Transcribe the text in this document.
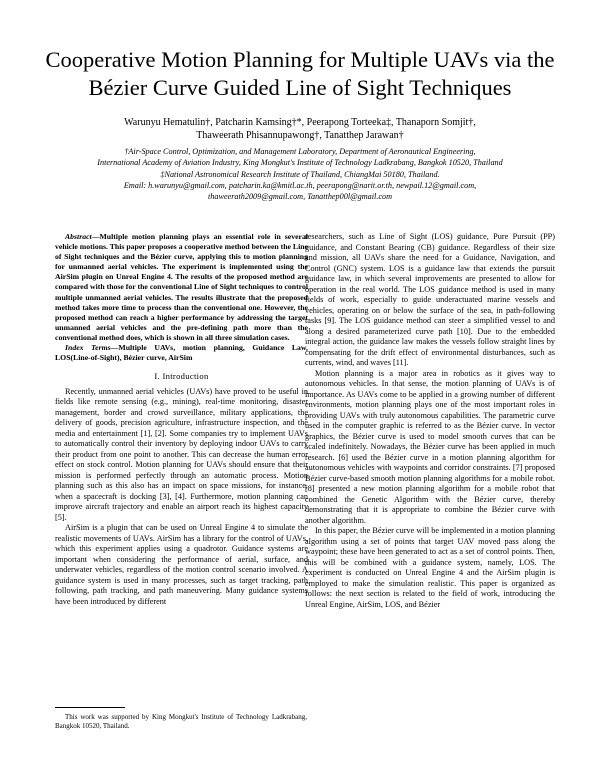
Cooperative Motion Planning for Multiple UAVs via the Bézier Curve Guided Line of Sight Techniques
Warunyu Hematulin†, Patcharin Kamsing†*, Peerapong Torteeka‡, Thanaporn Somjit†,
Thaweerath Phisannupawong†, Tanatthep Jarawan†
†Air-Space Control, Optimization, and Management Laboratory, Department of Aeronautical Engineering,
International Academy of Aviation Industry, King Mongkut's Institute of Technology Ladkrabang, Bangkok 10520, Thailand
‡National Astronomical Research Institute of Thailand, ChiangMai 50180, Thailand.
Email: h.warunyu@gmail.com, patcharin.ka@kmitl.ac.th, peerapong@narit.or.th, newpail.12@gmail.com,
thaweerath2009@gmail.com, Tanatthep00l@gmail.com

Abstract—Multiple motion planning plays an essential role in several vehicle motions. This paper proposes a cooperative method between the Line of Sight techniques and the Bézier curve, applying this to motion planning for unmanned aerial vehicles. The experiment is implemented using the AirSim plugin on Unreal Engine 4. The results of the proposed method are compared with those for the conventional Line of Sight techniques to control multiple unmanned aerial vehicles. The results illustrate that the proposed method takes more time to process than the conventional one. However, the proposed method can reach a higher performance by addressing the target unmanned aerial vehicles and the pre-defining path more than the conventional method does, which is shown in all three simulation cases.

Index Terms—Multiple UAVs, motion planning, Guidance Law, LOS(Line-of-Sight), Bézier curve, AirSim

I. Introduction

Recently, unmanned aerial vehicles (UAVs) have proved to be useful in fields like remote sensing (e.g., mining), real-time monitoring, disaster management, border and crowd surveillance, military applications, the delivery of goods, precision agriculture, infrastructure inspection, and the media and entertainment [1], [2]. Some companies try to implement UAVs to automatically control their inventory by deploying indoor UAVs to carry their product from one point to another. This can decrease the human error effect on stock control. Motion planning for UAVs should ensure that their mission is performed perfectly through an automatic process. Motion planning such as this also has an impact on space missions, for instance, when a spacecraft is docking [3], [4]. Furthermore, motion planning can improve aircraft trajectory and enable an airport reach its highest capacity [5].

AirSim is a plugin that can be used on Unreal Engine 4 to simulate the realistic movements of UAVs. AirSim has a library for the control of UAVs, which this experiment applies using a quadrotor. Guidance systems are important when considering the performance of aerial, surface, and underwater vehicles, regardless of the motion control scenario involved. A guidance system is used in many processes, such as target tracking, path following, path tracking, and path maneuvering. Many guidance systems have been introduced by different

researchers, such as Line of Sight (LOS) guidance, Pure Pursuit (PP) guidance, and Constant Bearing (CB) guidance. Regardless of their size and mission, all UAVs share the need for a Guidance, Navigation, and Control (GNC) system. LOS is a guidance law that extends the pursuit guidance law, in which several improvements are presented to allow for operation in the real world. The LOS guidance method is used in many fields of work, especially to guide underactuated marine vessels and vehicles, operating on or below the surface of the sea, in path-following tasks [9]. The LOS guidance method can steer a simplified vessel to and along a desired parameterized curve path [10]. Due to the embedded integral action, the guidance law makes the vessels follow straight lines by compensating for the drift effect of environmental disturbances, such as currents, wind, and waves [11].

Motion planning is a major area in robotics as it gives way to autonomous vehicles. In that sense, the motion planning of UAVs is of importance. As UAVs come to be applied in a growing number of different environments, motion planning plays one of the most important roles in providing UAVs with truly autonomous capabilities. The parametric curve used in the computer graphic is referred to as the Bézier curve. In vector graphics, the Bézier curve is used to model smooth curves that can be scaled indefinitely. Nowadays, the Bézier curve has been applied in much research. [6] used the Bézier curve in a motion planning algorithm for autonomous vehicles with waypoints and corridor constraints. [7] proposed Bézier curve-based smooth motion planning algorithms for a mobile robot. [8] presented a new motion planning algorithm for a mobile robot that combined the Genetic Algorithm with the Bézier curve, thereby demonstrating that it is appropriate to combine the Bézier curve with another algorithm.

In this paper, the Bézier curve will be implemented in a motion planning algorithm using a set of points that target UAV moved pass along the waypoint; these have been generated to act as a set of control points. Then, this will be combined with a guidance system, namely, LOS. The experiment is conducted on Unreal Engine 4 and the AirSim plugin is employed to make the simulation realistic. This paper is organized as follows: the next section is related to the field of work, introducing the Unreal Engine, AirSim, LOS, and Bézier

This work was supported by King Mongkut's Institute of Technology Ladkrabang, Bangkok 10520, Thailand.
